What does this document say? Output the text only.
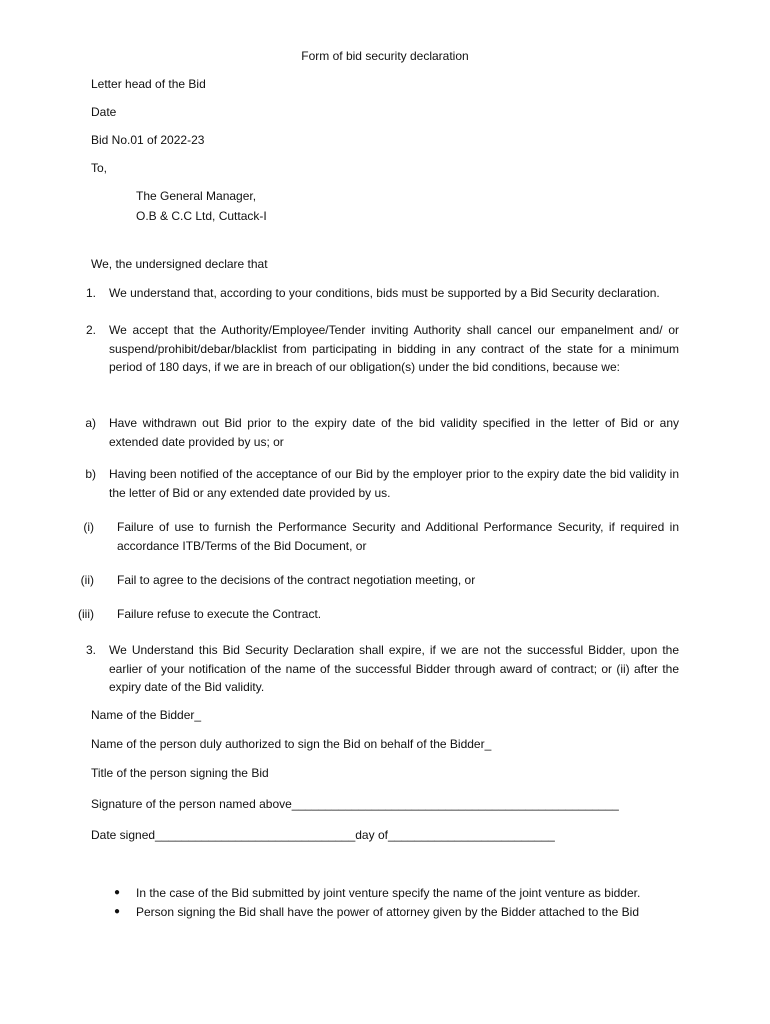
Form of bid security declaration
Letter head of the Bid
Date
Bid No.01 of 2022-23
To,
The General Manager,
O.B & C.C Ltd, Cuttack-I
We, the undersigned declare that
1. We understand that, according to your conditions, bids must be supported by a Bid Security declaration.
2. We accept that the Authority/Employee/Tender inviting Authority shall cancel our empanelment and/ or suspend/prohibit/debar/blacklist from participating in bidding in any contract of the state for a minimum period of 180 days, if we are in breach of our obligation(s) under the bid conditions, because we:
a) Have withdrawn out Bid prior to the expiry date of the bid validity specified in the letter of Bid or any extended date provided by us; or
b) Having been notified of the acceptance of our Bid by the employer prior to the expiry date the bid validity in the letter of Bid or any extended date provided by us.
(i) Failure of use to furnish the Performance Security and Additional Performance Security, if required in accordance ITB/Terms of the Bid Document, or
(ii) Fail to agree to the decisions of the contract negotiation meeting, or
(iii) Failure refuse to execute the Contract.
3. We Understand this Bid Security Declaration shall expire, if we are not the successful Bidder, upon the earlier of your notification of the name of the successful Bidder through award of contract; or (ii) after the expiry date of the Bid validity.
Name of the Bidder_
Name of the person duly authorized to sign the Bid on behalf of the Bidder_
Title of the person signing the Bid
Signature of the person named above_________________________________________________
Date signed______________________________day of_________________________
● In the case of the Bid submitted by joint venture specify the name of the joint venture as bidder.
● Person signing the Bid shall have the power of attorney given by the Bidder attached to the Bid
